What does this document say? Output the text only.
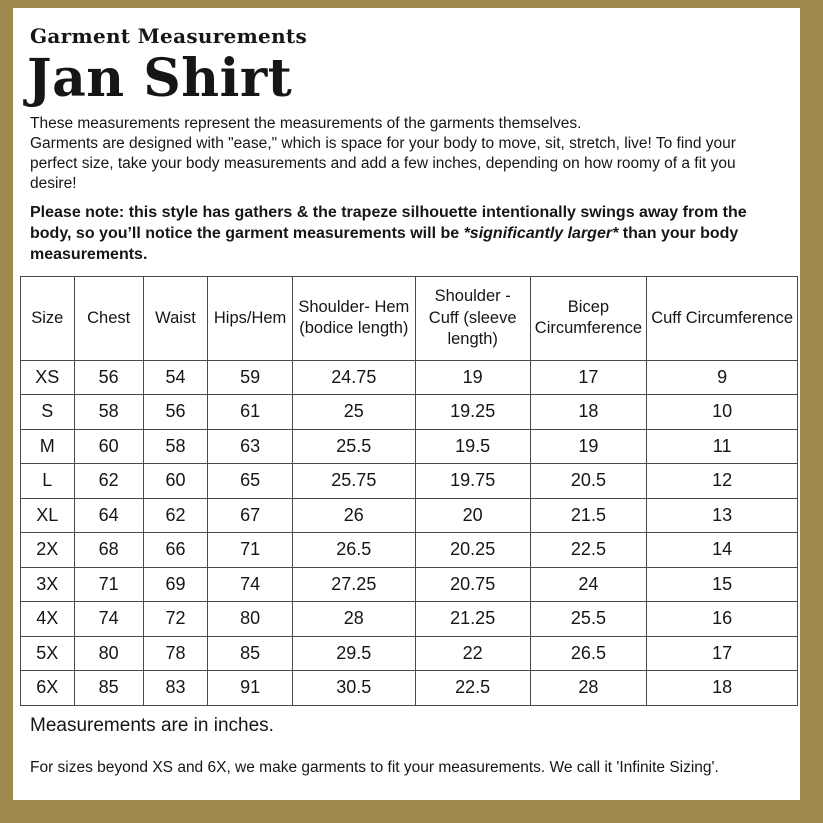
Garment Measurements
Jan Shirt

These measurements represent the measurements of the garments themselves.

Garments are designed with "ease," which is space for your body to move, sit, stretch, live! To find your perfect size, take your body measurements and add a few inches, depending on how roomy of a fit you desire!

Please note: this style has gathers & the trapeze silhouette intentionally swings away from the body, so you’ll notice the garment measurements will be *significantly larger* than your body measurements.
Size	Chest	Waist	Hips/Hem	Shoulder- Hem (bodice length)	Shoulder - Cuff (sleeve length)	Bicep Circumference	Cuff Circumference
XS	56	54	59	24.75	19	17	9
S	58	56	61	25	19.25	18	10
M	60	58	63	25.5	19.5	19	11
L	62	60	65	25.75	19.75	20.5	12
XL	64	62	67	26	20	21.5	13
2X	68	66	71	26.5	20.25	22.5	14
3X	71	69	74	27.25	20.75	24	15
4X	74	72	80	28	21.25	25.5	16
5X	80	78	85	29.5	22	26.5	17
6X	85	83	91	30.5	22.5	28	18
Measurements are in inches.
For sizes beyond XS and 6X, we make garments to fit your measurements. We call it 'Infinite Sizing'.
